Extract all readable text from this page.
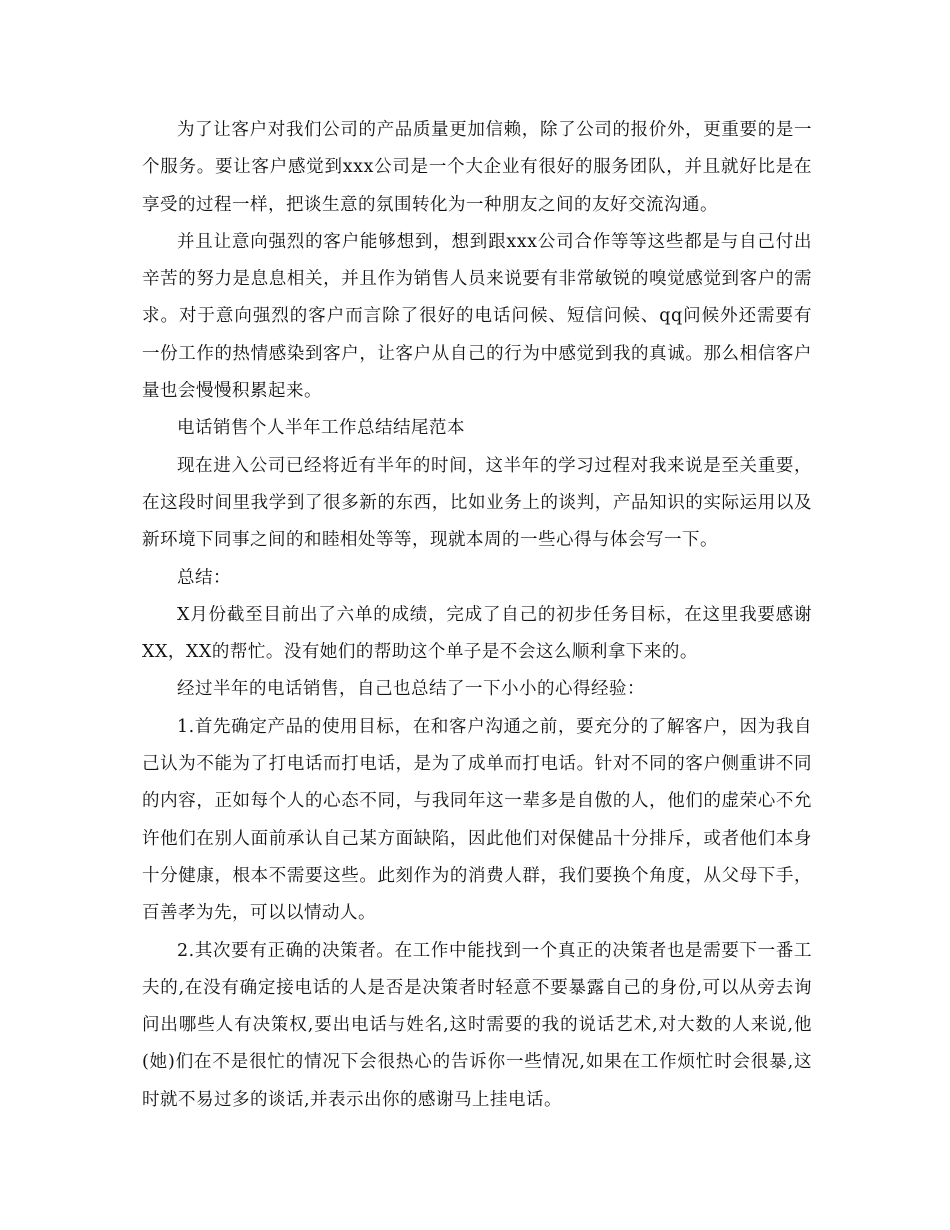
为了让客户对我们公司的产品质量更加信赖，除了公司的报价外，更重要的是一个服务。要让客户感觉到xxx公司是一个大企业有很好的服务团队，并且就好比是在享受的过程一样，把谈生意的氛围转化为一种朋友之间的友好交流沟通。

并且让意向强烈的客户能够想到，想到跟xxx公司合作等等这些都是与自己付出辛苦的努力是息息相关，并且作为销售人员来说要有非常敏锐的嗅觉感觉到客户的需求。对于意向强烈的客户而言除了很好的电话问候、短信问候、qq问候外还需要有一份工作的热情感染到客户，让客户从自己的行为中感觉到我的真诚。那么相信客户量也会慢慢积累起来。

电话销售个人半年工作总结结尾范本

现在进入公司已经将近有半年的时间，这半年的学习过程对我来说是至关重要，在这段时间里我学到了很多新的东西，比如业务上的谈判，产品知识的实际运用以及新环境下同事之间的和睦相处等等，现就本周的一些心得与体会写一下。

总结：

X月份截至目前出了六单的成绩，完成了自己的初步任务目标，在这里我要感谢XX，XX的帮忙。没有她们的帮助这个单子是不会这么顺利拿下来的。

经过半年的电话销售，自己也总结了一下小小的心得经验：

1.首先确定产品的使用目标，在和客户沟通之前，要充分的了解客户，因为我自己认为不能为了打电话而打电话，是为了成单而打电话。针对不同的客户侧重讲不同的内容，正如每个人的心态不同，与我同年这一辈多是自傲的人，他们的虚荣心不允许他们在别人面前承认自己某方面缺陷，因此他们对保健品十分排斥，或者他们本身十分健康，根本不需要这些。此刻作为的消费人群，我们要换个角度，从父母下手，百善孝为先，可以以情动人。

2.其次要有正确的决策者。在工作中能找到一个真正的决策者也是需要下一番工夫的,在没有确定接电话的人是否是决策者时轻意不要暴露自己的身份,可以从旁去询问出哪些人有决策权,要出电话与姓名,这时需要的我的说话艺术,对大数的人来说,他(她)们在不是很忙的情况下会很热心的告诉你一些情况,如果在工作烦忙时会很暴,这时就不易过多的谈话,并表示出你的感谢马上挂电话。
